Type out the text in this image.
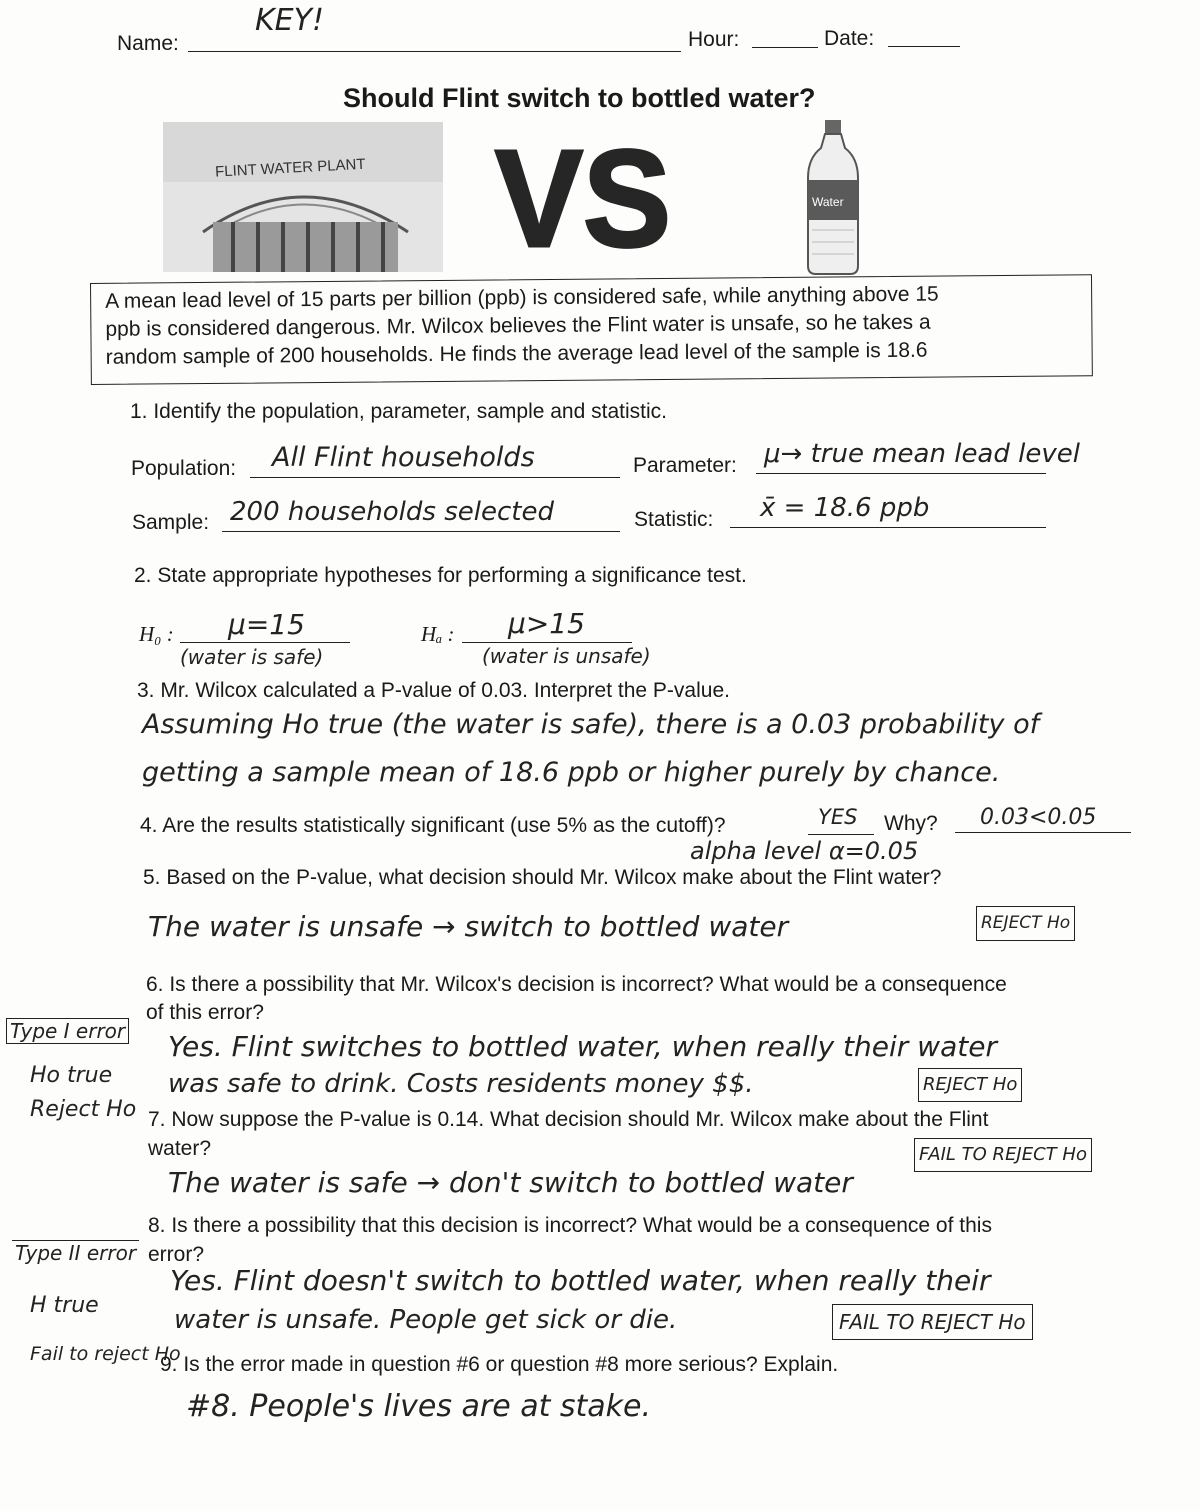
Name:
KEY!
Hour:	Date:
Should Flint switch to bottled water?
FLINT WATER PLANT VS	Water
A mean lead level of 15 parts per billion (ppb) is considered safe, while anything above 15
ppb is considered dangerous. Mr. Wilcox believes the Flint water is unsafe, so he takes a
random sample of 200 households. He finds the average lead level of the sample is 18.6
1. Identify the population, parameter, sample and statistic.
Population: All Flint households	Parameter: μ→ true mean lead level
Sample: 200 households selected	Statistic: x̄ = 18.6 ppb
2. State appropriate hypotheses for performing a significance test.
H₀ : μ=15
(water is safe)
Hₐ : μ>15
(water is unsafe)
3. Mr. Wilcox calculated a P-value of 0.03. Interpret the P-value.
Assuming Ho true (the water is safe), there is a 0.03 probability of
getting a sample mean of 18.6 ppb or higher purely by chance.
4. Are the results statistically significant (use 5% as the cutoff)?	YES Why? 0.03<0.05
alpha level α=0.05
5. Based on the P-value, what decision should Mr. Wilcox make about the Flint water?
The water is unsafe → switch to bottled water	REJECT Ho
6. Is there a possibility that Mr. Wilcox's decision is incorrect? What would be a consequence
of this error?
Type I error
Ho true
Reject Ho
Yes. Flint switches to bottled water, when really their water
was safe to drink. Costs residents money $$.	REJECT Ho
7. Now suppose the P-value is 0.14. What decision should Mr. Wilcox make about the Flint
water?
The water is safe → don't switch to bottled water
FAIL TO REJECT Ho
8. Is there a possibility that this decision is incorrect? What would be a consequence of this
error?
Type II error
H true
Fail to reject Ho
Yes. Flint doesn't switch to bottled water, when really their
water is unsafe. People get sick or die.	FAIL TO REJECT Ho
9. Is the error made in question #6 or question #8 more serious? Explain.
#8. People's lives are at stake.
